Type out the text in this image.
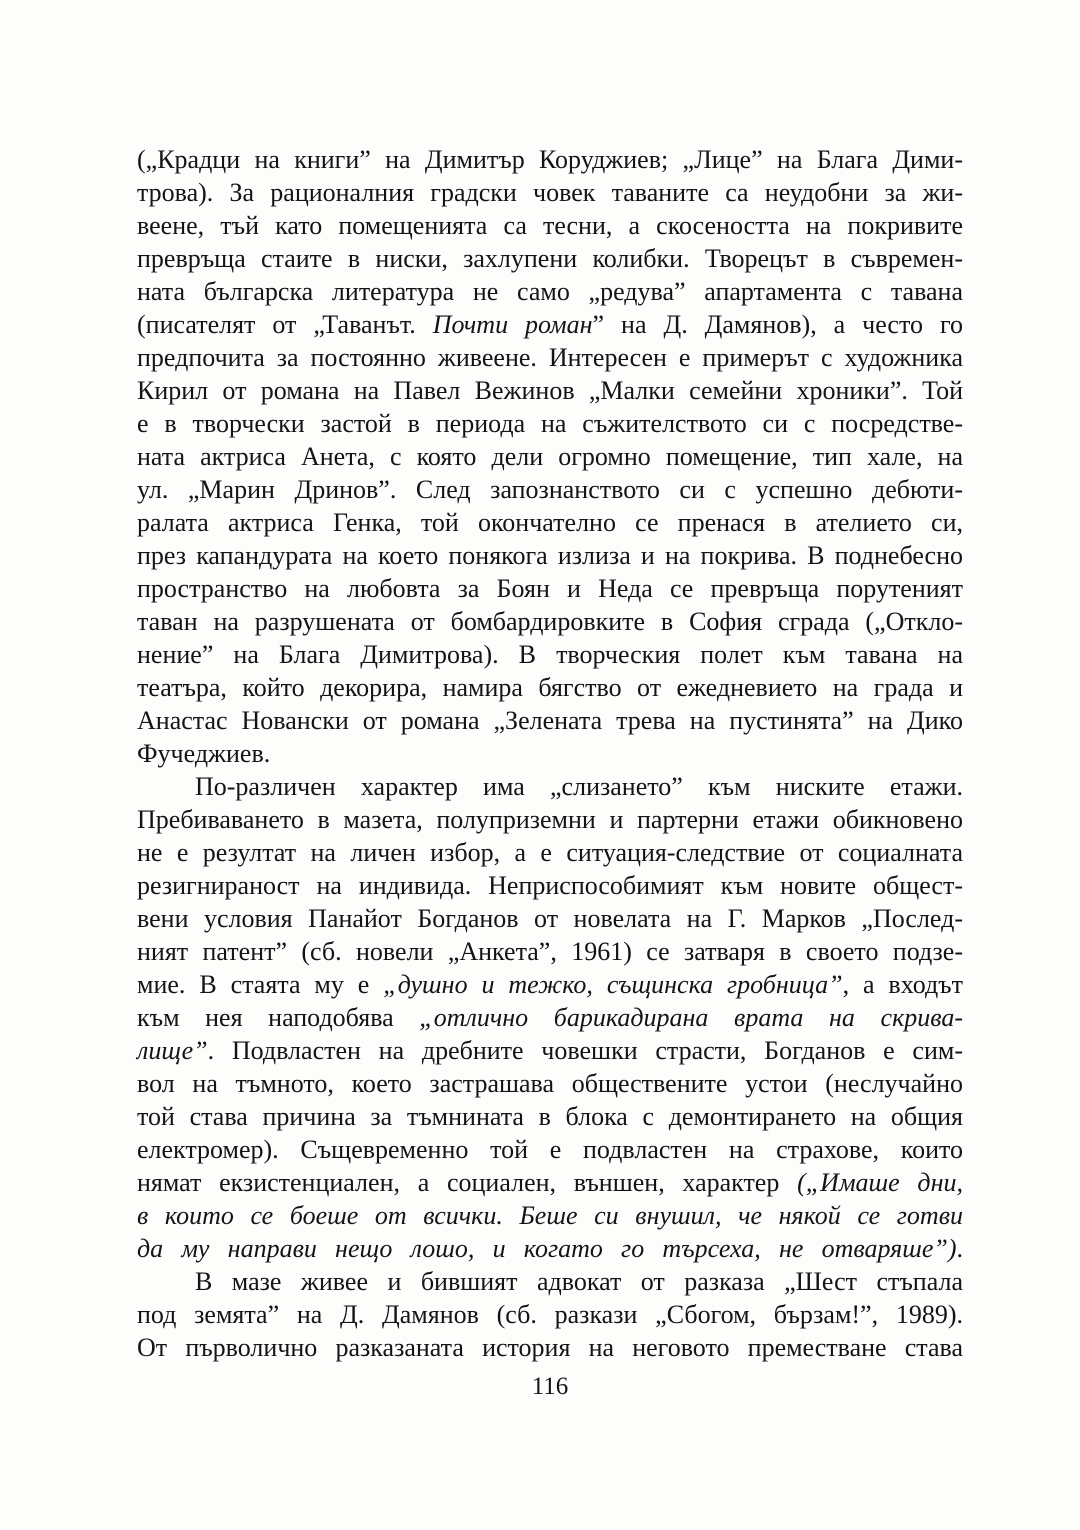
(„Крадци на книги” на Димитър Коруджиев; „Лице” на Блага Дими-
трова). За рационалния градски човек таваните са неудобни за жи-
веене, тъй като помещенията са тесни, а скосеността на покривите
превръща стаите в ниски, захлупени колибки. Творецът в съвремен-
ната българска литература не само „редува” апартамента с тавана
(писателят от „Таванът. Почти роман” на Д. Дамянов), а често го
предпочита за постоянно живеене. Интересен е примерът с художника
Кирил от романа на Павел Вежинов „Малки семейни хроники”. Той
е в творчески застой в периода на съжителството си с посредстве-
ната актриса Анета, с която дели огромно помещение, тип хале, на
ул. „Марин Дринов”. След запознанството си с успешно дебюти-
ралата актриса Генка, той окончателно се пренася в ателието си,
през капандурата на което понякога излиза и на покрива. В поднебесно
пространство на любовта за Боян и Неда се превръща порутеният
таван на разрушената от бомбардировките в София сграда („Откло-
нение” на Блага Димитрова). В творческия полет към тавана на
театъра, който декорира, намира бягство от ежедневието на града и
Анастас Новански от романа „Зелената трева на пустинята” на Дико
Фучеджиев.
По-различен характер има „слизането” към ниските етажи.
Пребиваването в мазета, полуприземни и партерни етажи обикновено
не е резултат на личен избор, а е ситуация-следствие от социалната
резигнираност на индивида. Неприспособимият към новите общест-
вени условия Панайот Богданов от новелата на Г. Марков „Послед-
ният патент” (сб. новели „Анкета”, 1961) се затваря в своето подзе-
мие. В стаята му е „душно и тежко, същинска гробница”, а входът
към нея наподобява „отлично барикадирана врата на скрива-
лище”. Подвластен на дребните човешки страсти, Богданов е сим-
вол на тъмното, което застрашава обществените устои (неслучайно
той става причина за тъмнината в блока с демонтирането на общия
електромер). Същевременно той е подвластен на страхове, които
нямат екзистенциален, а социален, външен, характер („Имаше дни,
в които се боеше от всички. Беше си внушил, че някой се готви
да му направи нещо лошо, и когато го търсеха, не отваряше”).
В мазе живее и бившият адвокат от разказа „Шест стъпала
под земята” на Д. Дамянов (сб. разкази „Сбогом, бързам!”, 1989).
От първолично разказаната история на неговото преместване става
116
